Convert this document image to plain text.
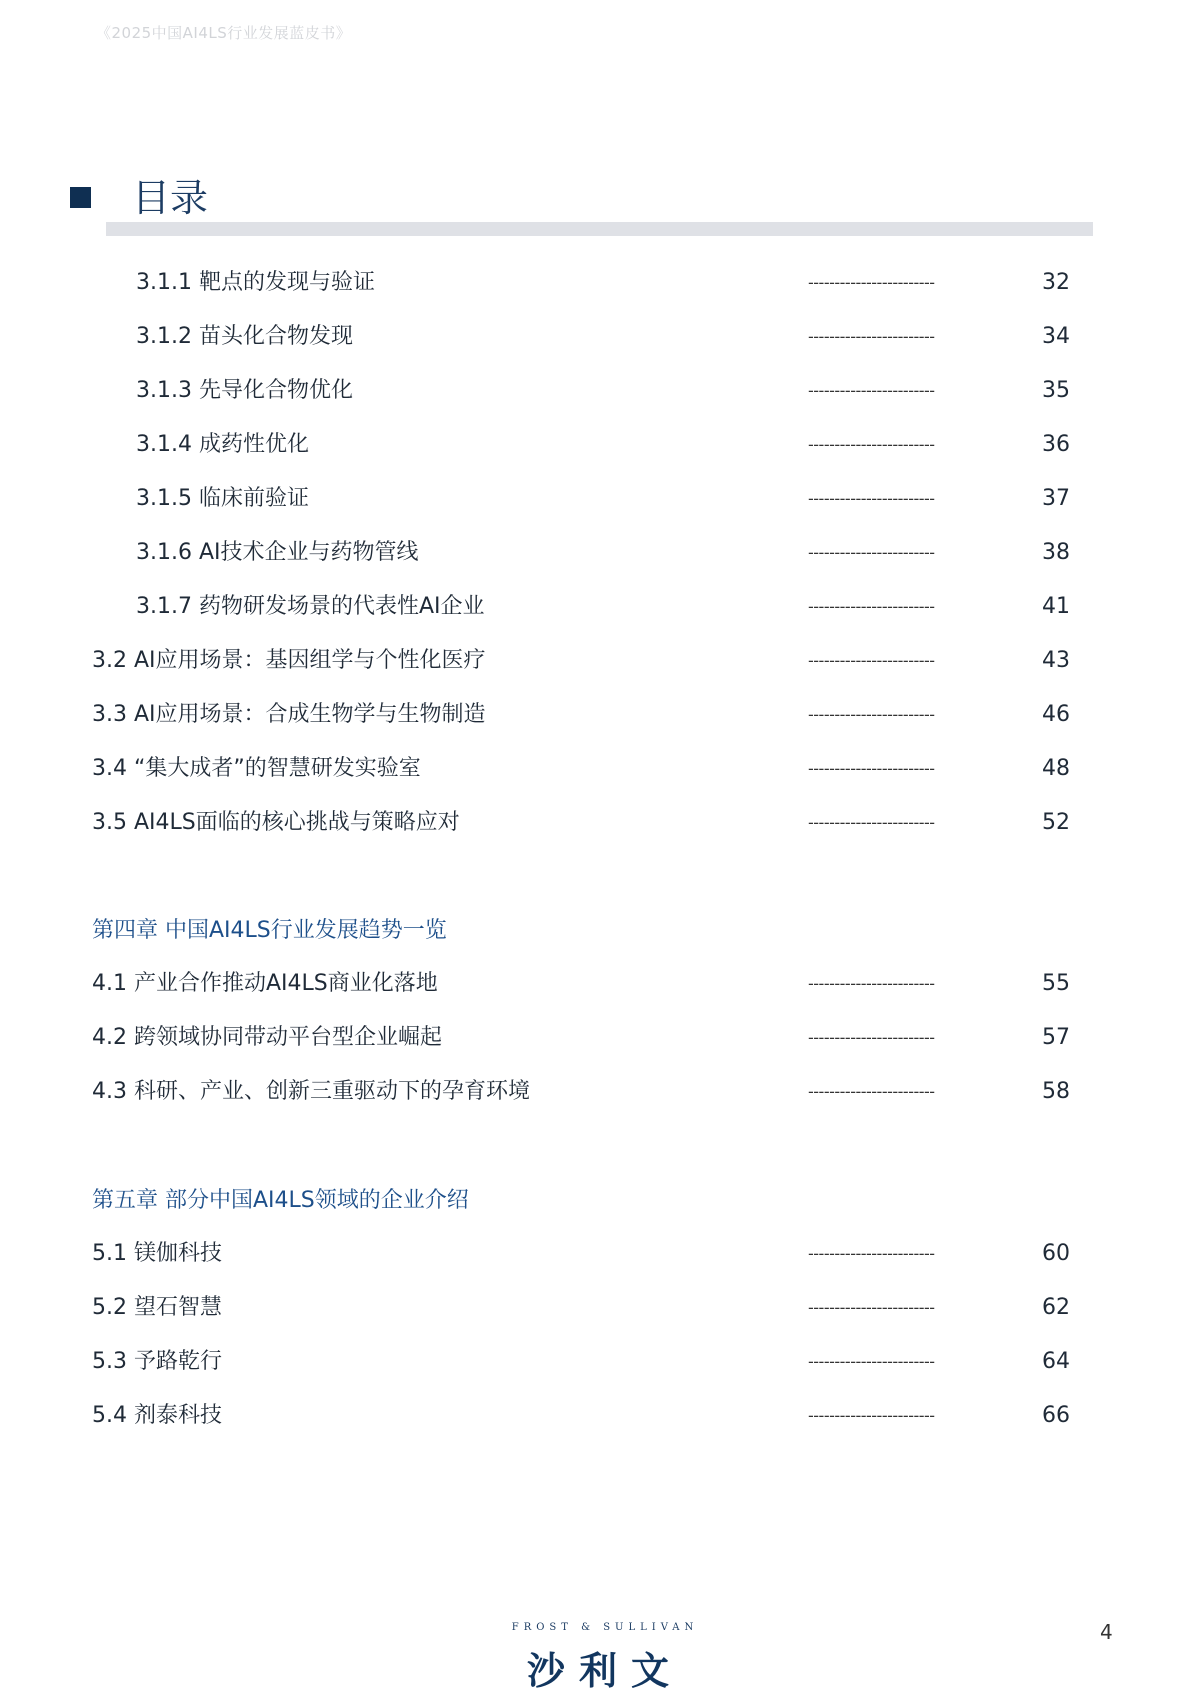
《2025中国AI4LS行业发展蓝皮书》
目录
3.1.1 靶点的发现与验证	------------------------	32
3.1.2 苗头化合物发现	------------------------	34
3.1.3 先导化合物优化	------------------------	35
3.1.4 成药性优化	------------------------	36
3.1.5 临床前验证	------------------------	37
3.1.6 AI技术企业与药物管线	------------------------	38
3.1.7 药物研发场景的代表性AI企业	------------------------	41
3.2 AI应用场景：基因组学与个性化医疗	------------------------	43
3.3 AI应用场景：合成生物学与生物制造	------------------------	46
3.4 “集大成者”的智慧研发实验室	------------------------	48
3.5 AI4LS面临的核心挑战与策略应对	------------------------	52
第四章 中国AI4LS行业发展趋势一览
4.1 产业合作推动AI4LS商业化落地	------------------------	55
4.2 跨领域协同带动平台型企业崛起	------------------------	57
4.3 科研、产业、创新三重驱动下的孕育环境	------------------------	58
第五章 部分中国AI4LS领域的企业介绍
5.1 镁伽科技	------------------------	60
5.2 望石智慧	------------------------	62
5.3 予路乾行	------------------------	64
5.4 剂泰科技	------------------------	66
FROST & SULLIVAN
沙利文
4
